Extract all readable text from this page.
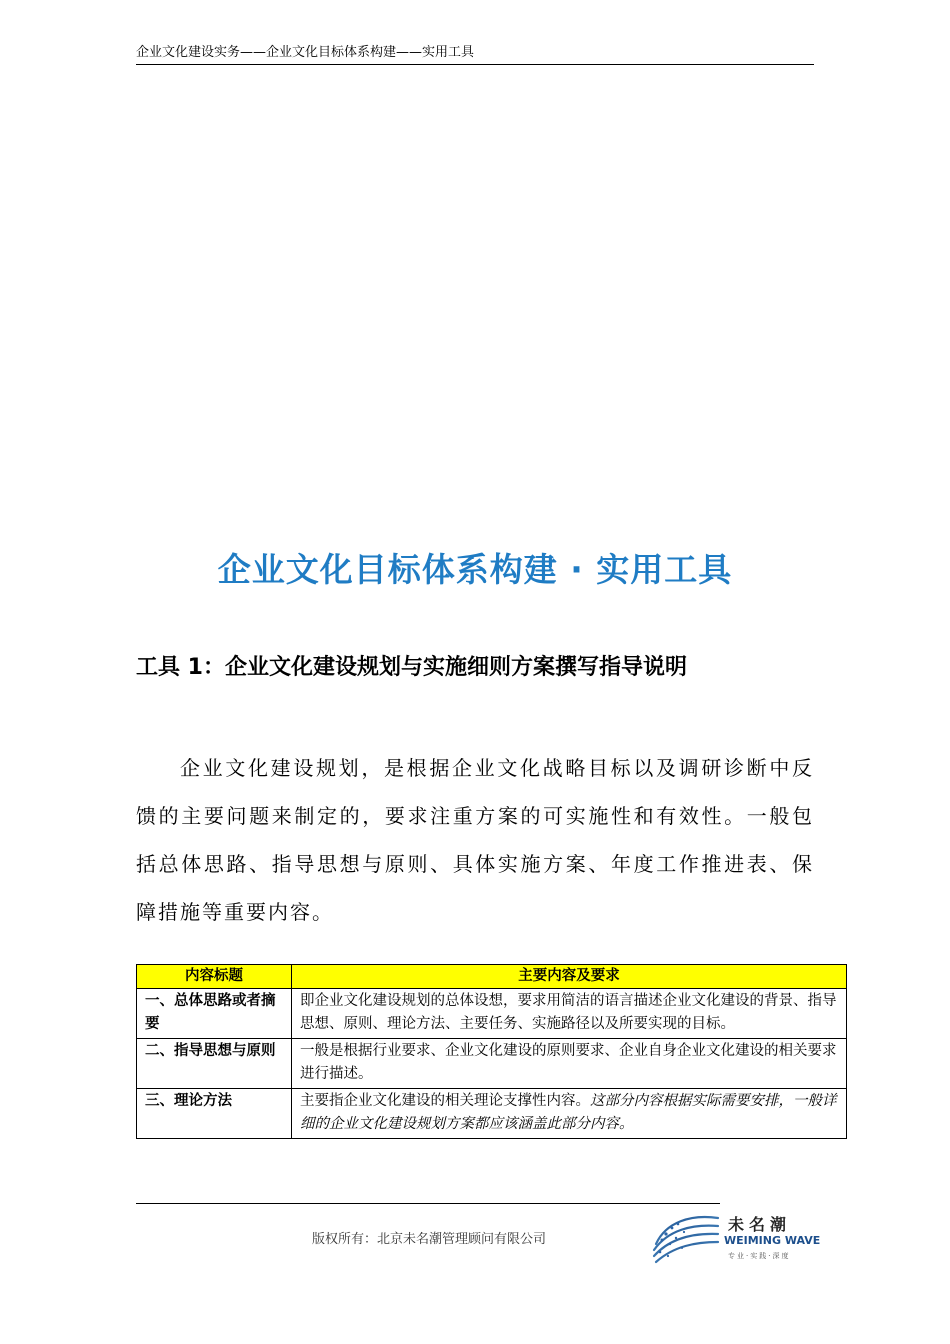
企业文化建设实务——企业文化目标体系构建——实用工具
企业文化目标体系构建 · 实用工具
工具 1：企业文化建设规划与实施细则方案撰写指导说明

企业文化建设规划，是根据企业文化战略目标以及调研诊断中反馈的主要问题来制定的，要求注重方案的可实施性和有效性。一般包括总体思路、指导思想与原则、具体实施方案、年度工作推进表、保障措施等重要内容。

内容标题	主要内容及要求
一、总体思路或者摘要	即企业文化建设规划的总体设想，要求用简洁的语言描述企业文化建设的背景、指导思想、原则、理论方法、主要任务、实施路径以及所要实现的目标。
二、指导思想与原则	一般是根据行业要求、企业文化建设的原则要求、企业自身企业文化建设的相关要求进行描述。
三、理论方法	主要指企业文化建设的相关理论支撑性内容。这部分内容根据实际需要安排，一般详细的企业文化建设规划方案都应该涵盖此部分内容。
版权所有：北京未名潮管理顾问有限公司
未名潮
WEIMING WAVE
专业·实践·深度
